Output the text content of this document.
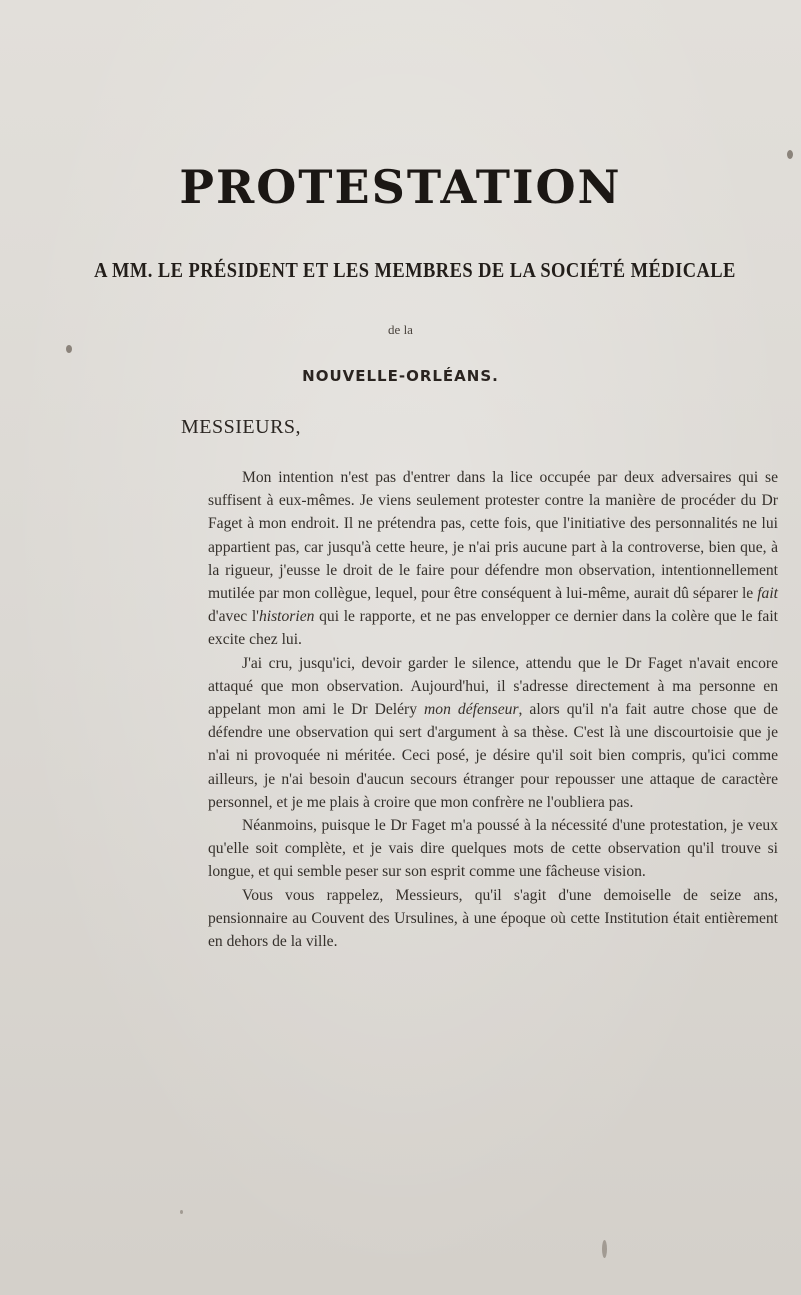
PROTESTATION
A MM. LE PRÉSIDENT ET LES MEMBRES DE LA SOCIÉTÉ MÉDICALE
de la
NOUVELLE-ORLÉANS.
MESSIEURS,

Mon intention n'est pas d'entrer dans la lice occupée par deux adversaires qui se suffisent à eux-mêmes. Je viens seulement protester contre la manière de procéder du Dr Faget à mon endroit. Il ne prétendra pas, cette fois, que l'initiative des personnalités ne lui appartient pas, car jusqu'à cette heure, je n'ai pris aucune part à la controverse, bien que, à la rigueur, j'eusse le droit de le faire pour défendre mon observation, intentionnellement mutilée par mon collègue, lequel, pour être conséquent à lui-même, aurait dû séparer le fait d'avec l'historien qui le rapporte, et ne pas envelopper ce dernier dans la colère que le fait excite chez lui.

J'ai cru, jusqu'ici, devoir garder le silence, attendu que le Dr Faget n'avait encore attaqué que mon observation. Aujourd'hui, il s'adresse directement à ma personne en appelant mon ami le Dr Deléry mon défenseur, alors qu'il n'a fait autre chose que de défendre une observation qui sert d'argument à sa thèse. C'est là une discourtoisie que je n'ai ni provoquée ni méritée. Ceci posé, je désire qu'il soit bien compris, qu'ici comme ailleurs, je n'ai besoin d'aucun secours étranger pour repousser une attaque de caractère personnel, et je me plais à croire que mon confrère ne l'oubliera pas.

Néanmoins, puisque le Dr Faget m'a poussé à la nécessité d'une protestation, je veux qu'elle soit complète, et je vais dire quelques mots de cette observation qu'il trouve si longue, et qui semble peser sur son esprit comme une fâcheuse vision.

Vous vous rappelez, Messieurs, qu'il s'agit d'une demoiselle de seize ans, pensionnaire au Couvent des Ursulines, à une époque où cette Institution était entièrement en dehors de la ville.
